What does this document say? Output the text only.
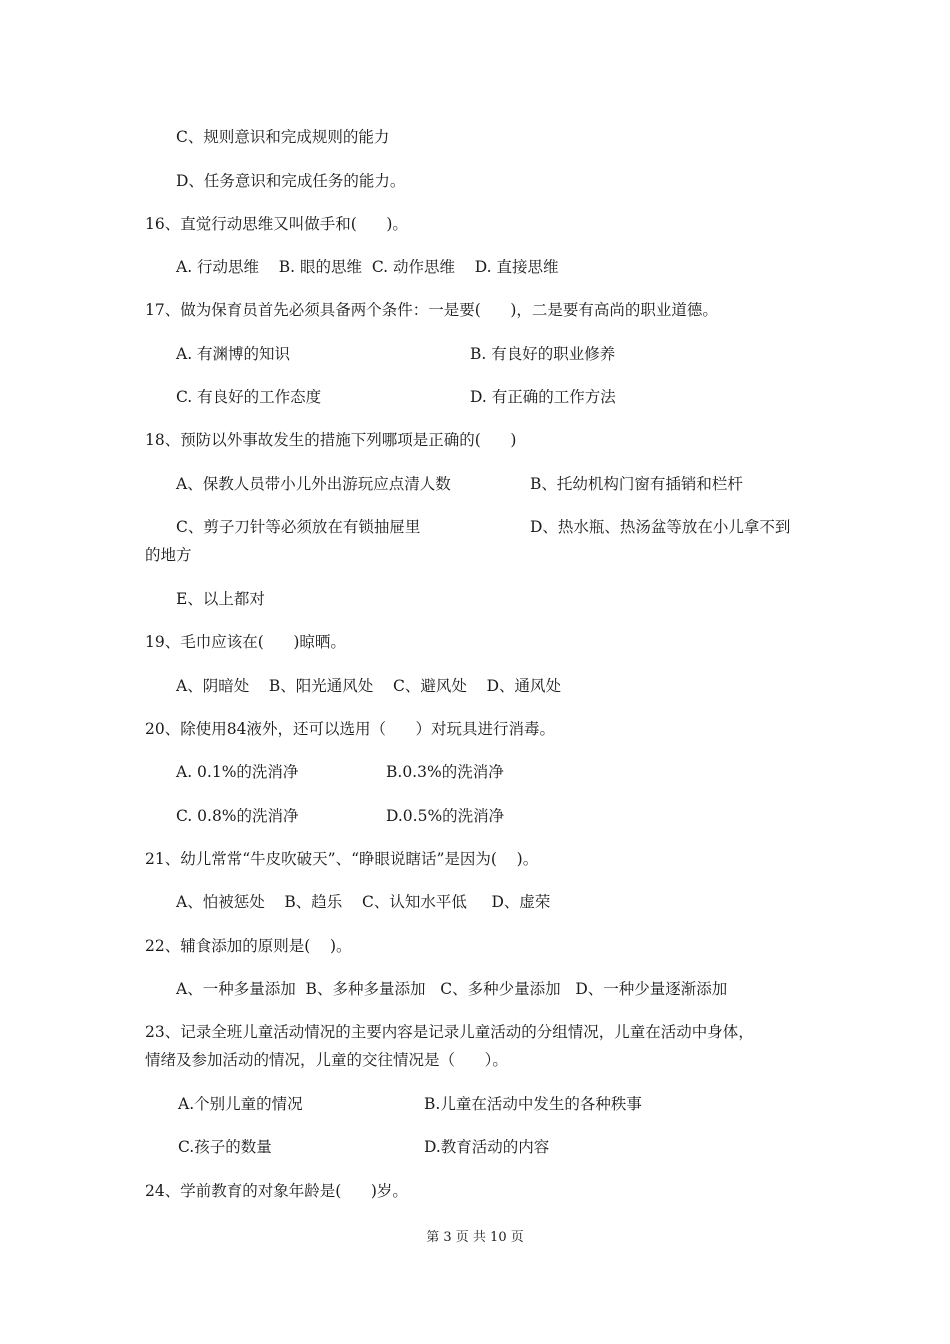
C、规则意识和完成规则的能力

D、任务意识和完成任务的能力。

16、直觉行动思维又叫做手和(      )。

A. 行动思维    B. 眼的思维  C. 动作思维    D. 直接思维

17、做为保育员首先必须具备两个条件：一是要(      )，二是要有高尚的职业道德。

A. 有渊博的知识	B. 有良好的职业修养

C. 有良好的工作态度	D. 有正确的工作方法

18、预防以外事故发生的措施下列哪项是正确的(      )

A、保教人员带小儿外出游玩应点清人数	B、托幼机构门窗有插销和栏杆

C、剪子刀针等必须放在有锁抽屉里	D、热水瓶、热汤盆等放在小儿拿不到

的地方

E、以上都对

19、毛巾应该在(      )晾晒。

A、阴暗处    B、阳光通风处    C、避风处    D、通风处

20、除使用84液外，还可以选用（      ）对玩具进行消毒。

A. 0.1%的洗消净	B.0.3%的洗消净

C. 0.8%的洗消净	D.0.5%的洗消净

21、幼儿常常“牛皮吹破天”、“睁眼说瞎话”是因为(    )。

A、怕被惩处    B、趋乐    C、认知水平低     D、虚荣

22、辅食添加的原则是(    )。

A、一种多量添加  B、多种多量添加   C、多种少量添加   D、一种少量逐渐添加

23、记录全班儿童活动情况的主要内容是记录儿童活动的分组情况，儿童在活动中身体，

情绪及参加活动的情况，儿童的交往情况是（      ）。

A.个别儿童的情况	B.儿童在活动中发生的各种秩事

C.孩子的数量	D.教育活动的内容

24、学前教育的对象年龄是(      )岁。

第 3 页 共 10 页
